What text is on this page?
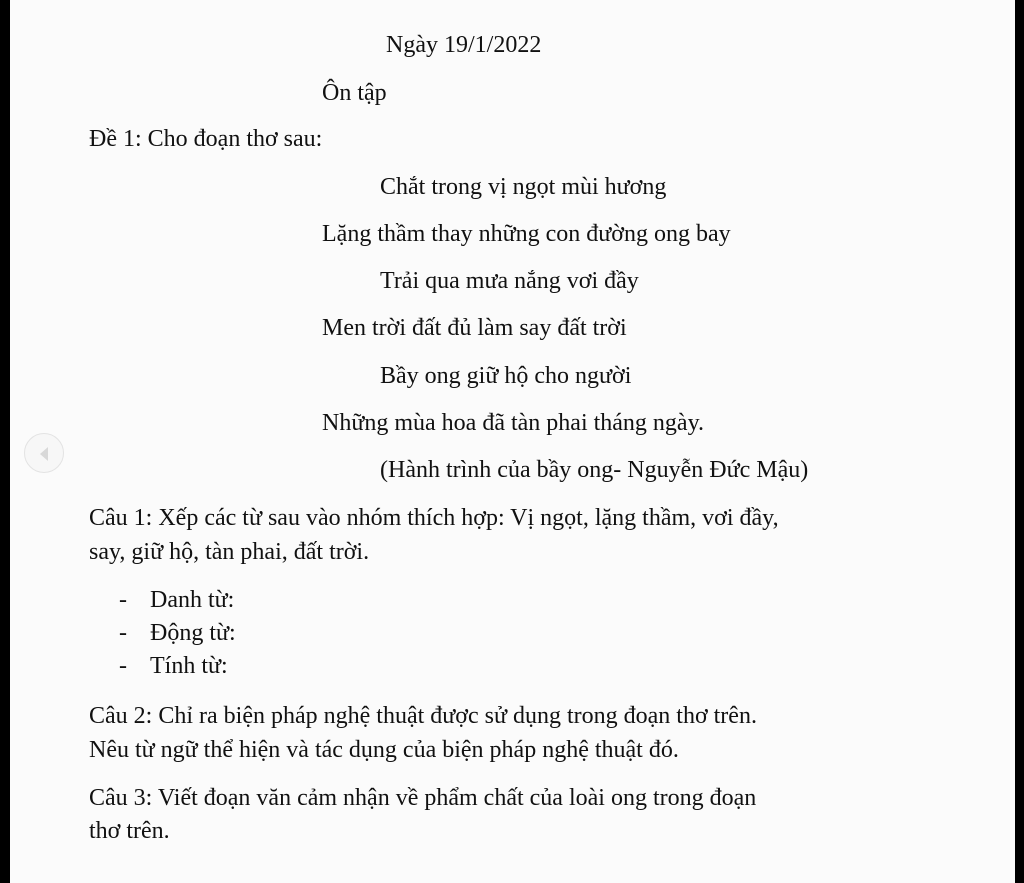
Ngày 19/1/2022
Ôn tập
Đề 1: Cho đoạn thơ sau:
Chắt trong vị ngọt mùi hương
Lặng thầm thay những con đường ong bay
Trải qua mưa nắng vơi đầy
Men trời đất đủ làm say đất trời
Bầy ong giữ hộ cho người
Những mùa hoa đã tàn phai tháng ngày.
(Hành trình của bầy ong- Nguyễn Đức Mậu)
Câu 1: Xếp các từ sau vào nhóm thích hợp: Vị ngọt, lặng thầm, vơi đầy,
say, giữ hộ, tàn phai, đất trời.
- Danh từ:
- Động từ:
- Tính từ:
Câu 2: Chỉ ra biện pháp nghệ thuật được sử dụng trong đoạn thơ trên.
Nêu từ ngữ thể hiện và tác dụng của biện pháp nghệ thuật đó.
Câu 3: Viết đoạn văn cảm nhận về phẩm chất của loài ong trong đoạn
thơ trên.
